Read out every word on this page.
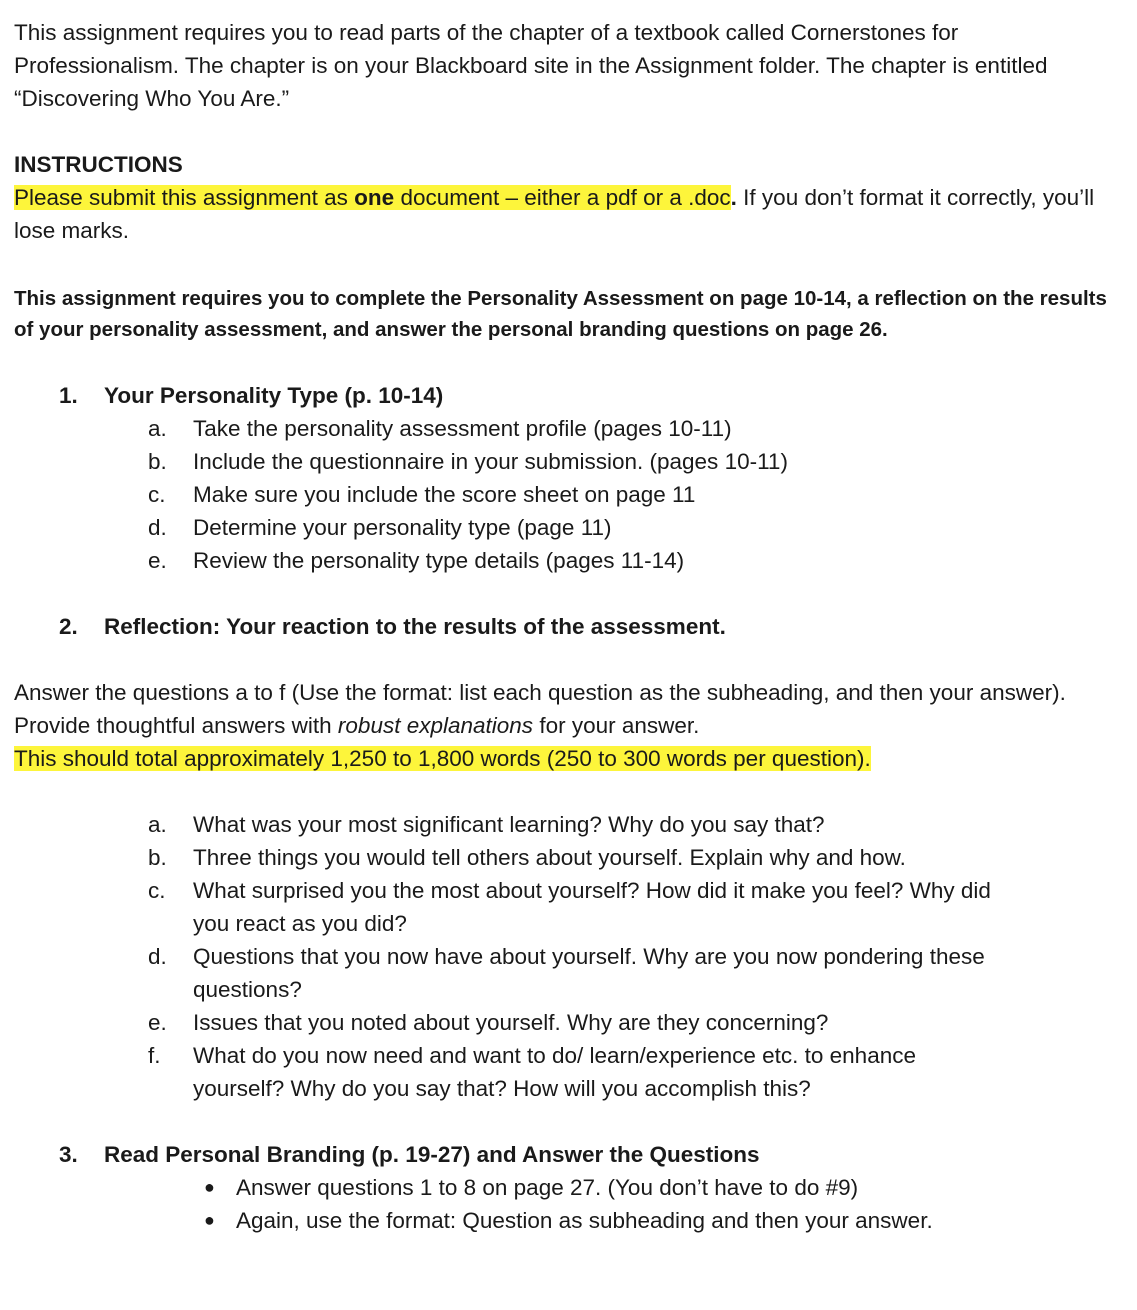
This assignment requires you to read parts of the chapter of a textbook called Cornerstones for Professionalism. The chapter is on your Blackboard site in the Assignment folder. The chapter is entitled “Discovering Who You Are.”

INSTRUCTIONS

Please submit this assignment as one document – either a pdf or a .doc. If you don’t format it correctly, you’ll lose marks.

This assignment requires you to complete the Personality Assessment on page 10-14, a reflection on the results of your personality assessment, and answer the personal branding questions on page 26.

1.	Your Personality Type (p. 10-14)
a.	Take the personality assessment profile (pages 10-11)
b.	Include the questionnaire in your submission. (pages 10-11)
c.	Make sure you include the score sheet on page 11
d.	Determine your personality type (page 11)
e.	Review the personality type details (pages 11-14)
2.	Reflection: Your reaction to the results of the assessment.

Answer the questions a to f (Use the format: list each question as the subheading, and then your answer).

Provide thoughtful answers with robust explanations for your answer.

This should total approximately 1,250 to 1,800 words (250 to 300 words per question).

a.	What was your most significant learning? Why do you say that?
b.	Three things you would tell others about yourself. Explain why and how.
c.	What surprised you the most about yourself? How did it make you feel? Why did you react as you did?
d.	Questions that you now have about yourself. Why are you now pondering these questions?
e.	Issues that you noted about yourself. Why are they concerning?
f.	What do you now need and want to do/ learn/experience etc. to enhance yourself? Why do you say that? How will you accomplish this?
3.	Read Personal Branding (p. 19-27) and Answer the Questions
● Answer questions 1 to 8 on page 27. (You don’t have to do #9)
● Again, use the format: Question as subheading and then your answer.
